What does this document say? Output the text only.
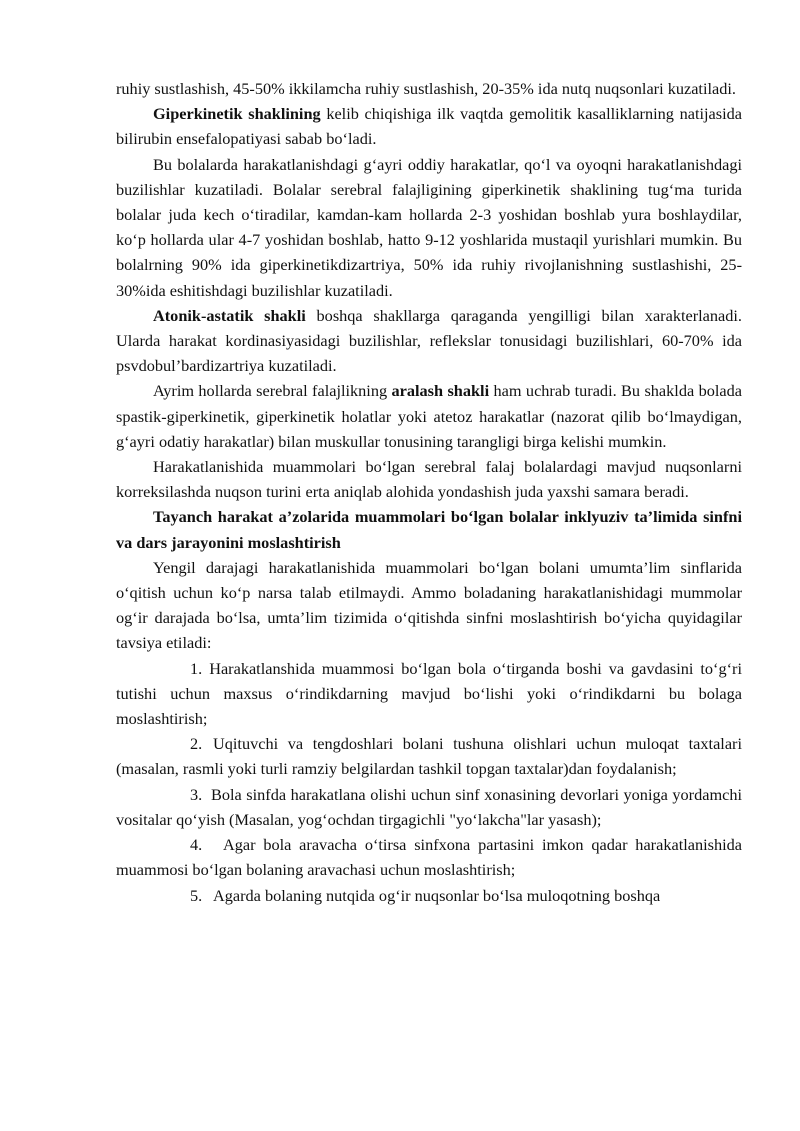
ruhiy sustlashish, 45-50% ikkilamcha ruhiy sustlashish, 20-35% ida nutq nuqsonlari kuzatiladi.

Giperkinetik shaklining kelib chiqishiga ilk vaqtda gemolitik kasalliklarning natijasida bilirubin ensefalopatiyasi sabab bo‘ladi.

Bu bolalarda harakatlanishdagi g‘ayri oddiy harakatlar, qo‘l va oyoqni harakatlanishdagi buzilishlar kuzatiladi. Bolalar serebral falajligining giperkinetik shaklining tug‘ma turida bolalar juda kech o‘tiradilar, kamdan-kam hollarda 2-3 yoshidan boshlab yura boshlaydilar, ko‘p hollarda ular 4-7 yoshidan boshlab, hatto 9-12 yoshlarida mustaqil yurishlari mumkin. Bu bolalrning 90% ida giperkinetikdizartriya, 50% ida ruhiy rivojlanishning sustlashishi, 25-30%ida eshitishdagi buzilishlar kuzatiladi.

Atonik-astatik shakli boshqa shakllarga qaraganda yengilligi bilan xarakterlanadi. Ularda harakat kordinasiyasidagi buzilishlar, reflekslar tonusidagi buzilishlari, 60-70% ida psvdobul’bardizartriya kuzatiladi.

Ayrim hollarda serebral falajlikning aralash shakli ham uchrab turadi. Bu shaklda bolada spastik-giperkinetik, giperkinetik holatlar yoki atetoz harakatlar (nazorat qilib bo‘lmaydigan, g‘ayri odatiy harakatlar) bilan muskullar tonusining tarangligi birga kelishi mumkin.

Harakatlanishida muammolari bo‘lgan serebral falaj bolalardagi mavjud nuqsonlarni korreksilashda nuqson turini erta aniqlab alohida yondashish juda yaxshi samara beradi.

Tayanch harakat a’zolarida muammolari bo‘lgan bolalar inklyuziv ta’limida sinfni va dars jarayonini moslashtirish

Yengil darajagi harakatlanishida muammolari bo‘lgan bolani umumta’lim sinflarida o‘qitish uchun ko‘p narsa talab etilmaydi. Ammo boladaning harakatlanishidagi mummolar og‘ir darajada bo‘lsa, umta’lim tizimida o‘qitishda sinfni moslashtirish bo‘yicha quyidagilar tavsiya etiladi:

1. Harakatlanshida muammosi bo‘lgan bola o‘tirganda boshi va gavdasini to‘g‘ri tutishi uchun maxsus o‘rindikdarning mavjud bo‘lishi yoki o‘rindikdarni bu bolaga moslashtirish;

2. Uqituvchi va tengdoshlari bolani tushuna olishlari uchun muloqat taxtalari (masalan, rasmli yoki turli ramziy belgilardan tashkil topgan taxtalar)dan foydalanish;

3. Bola sinfda harakatlana olishi uchun sinf xonasining devorlari yoniga yordamchi vositalar qo‘yish (Masalan, yog‘ochdan tirgagichli "yo‘lakcha"lar yasash);

4. Agar bola aravacha o‘tirsa sinfxona partasini imkon qadar harakatlanishida muammosi bo‘lgan bolaning aravachasi uchun moslashtirish;

5. Agarda bolaning nutqida og‘ir nuqsonlar bo‘lsa muloqotning boshqa
